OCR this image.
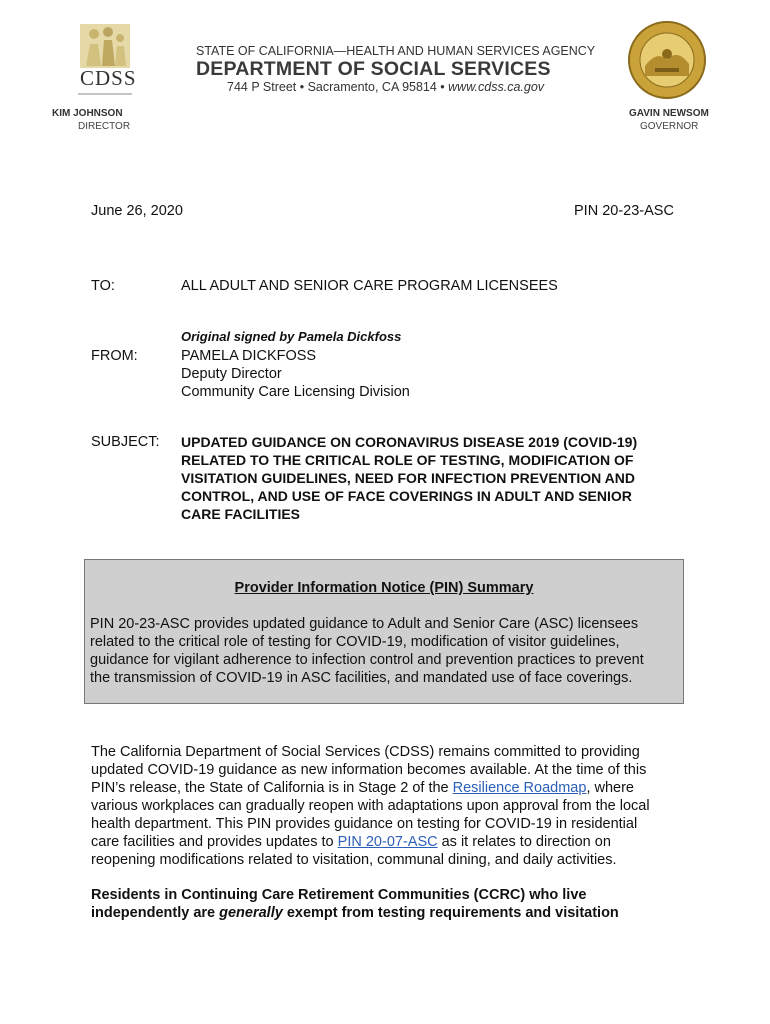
CDSS
STATE OF CALIFORNIA—HEALTH AND HUMAN SERVICES AGENCY
DEPARTMENT OF SOCIAL SERVICES
744 P Street • Sacramento, CA 95814 • www.cdss.ca.gov
KIM JOHNSON
DIRECTOR
GAVIN NEWSOM
GOVERNOR
June 26, 2020	PIN 20-23-ASC
TO:	ALL ADULT AND SENIOR CARE PROGRAM LICENSEES
Original signed by Pamela Dickfoss
FROM:	PAMELA DICKFOSS
Deputy Director
Community Care Licensing Division
SUBJECT: UPDATED GUIDANCE ON CORONAVIRUS DISEASE 2019 (COVID-19)
RELATED TO THE CRITICAL ROLE OF TESTING, MODIFICATION OF
VISITATION GUIDELINES, NEED FOR INFECTION PREVENTION AND
CONTROL, AND USE OF FACE COVERINGS IN ADULT AND SENIOR
CARE FACILITIES
Provider Information Notice (PIN) Summary
PIN 20-23-ASC provides updated guidance to Adult and Senior Care (ASC) licensees
related to the critical role of testing for COVID-19, modification of visitor guidelines,
guidance for vigilant adherence to infection control and prevention practices to prevent
the transmission of COVID-19 in ASC facilities, and mandated use of face coverings.
The California Department of Social Services (CDSS) remains committed to providing
updated COVID-19 guidance as new information becomes available. At the time of this
PIN’s release, the State of California is in Stage 2 of the Resilience Roadmap, where
various workplaces can gradually reopen with adaptations upon approval from the local
health department. This PIN provides guidance on testing for COVID-19 in residential
care facilities and provides updates to PIN 20-07-ASC as it relates to direction on
reopening modifications related to visitation, communal dining, and daily activities.
Residents in Continuing Care Retirement Communities (CCRC) who live
independently are generally exempt from testing requirements and visitation
